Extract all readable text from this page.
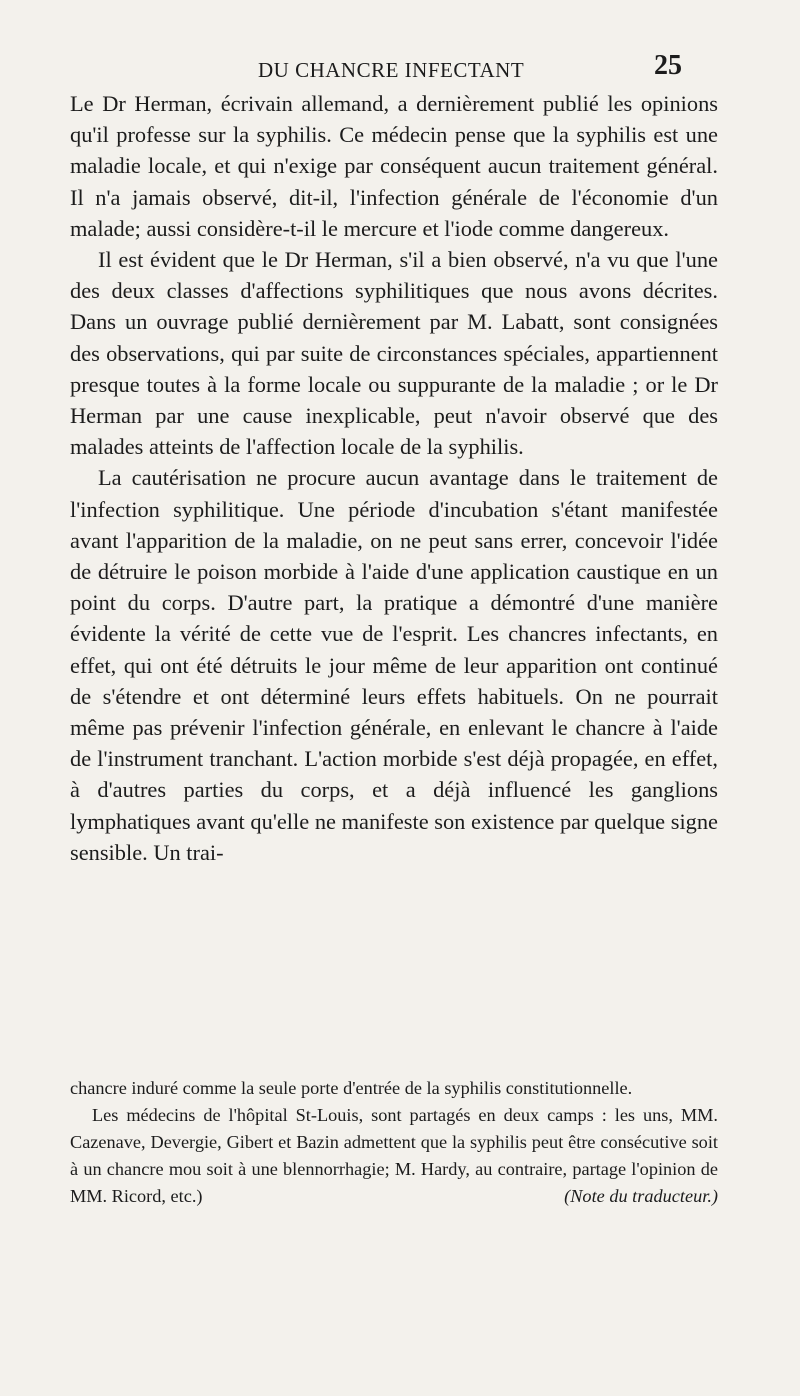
DU CHANCRE INFECTANT	25

Le Dr Herman, écrivain allemand, a dernièrement publié les opinions qu'il professe sur la syphilis. Ce médecin pense que la syphilis est une maladie locale, et qui n'exige par conséquent aucun traitement général. Il n'a jamais observé, dit-il, l'infection générale de l'économie d'un malade; aussi considère-t-il le mercure et l'iode comme dangereux.

Il est évident que le Dr Herman, s'il a bien observé, n'a vu que l'une des deux classes d'affections syphilitiques que nous avons décrites. Dans un ouvrage publié dernièrement par M. Labatt, sont consignées des observations, qui par suite de circonstances spéciales, appartiennent presque toutes à la forme locale ou suppurante de la maladie ; or le Dr Herman par une cause inexplicable, peut n'avoir observé que des malades atteints de l'affection locale de la syphilis.

La cautérisation ne procure aucun avantage dans le traitement de l'infection syphilitique. Une période d'incubation s'étant manifestée avant l'apparition de la maladie, on ne peut sans errer, concevoir l'idée de détruire le poison morbide à l'aide d'une application caustique en un point du corps. D'autre part, la pratique a démontré d'une manière évidente la vérité de cette vue de l'esprit. Les chancres infectants, en effet, qui ont été détruits le jour même de leur apparition ont continué de s'étendre et ont déterminé leurs effets habituels. On ne pourrait même pas prévenir l'infection générale, en enlevant le chancre à l'aide de l'instrument tranchant. L'action morbide s'est déjà propagée, en effet, à d'autres parties du corps, et a déjà influencé les ganglions lymphatiques avant qu'elle ne manifeste son existence par quelque signe sensible. Un trai-

chancre induré comme la seule porte d'entrée de la syphilis constitutionnelle.

Les médecins de l'hôpital St-Louis, sont partagés en deux camps : les uns, MM. Cazenave, Devergie, Gibert et Bazin admettent que la syphilis peut être consécutive soit à un chancre mou soit à une blennorrhagie; M. Hardy, au contraire, partage l'opinion de MM. Ricord, etc.)	(Note du traducteur.)
